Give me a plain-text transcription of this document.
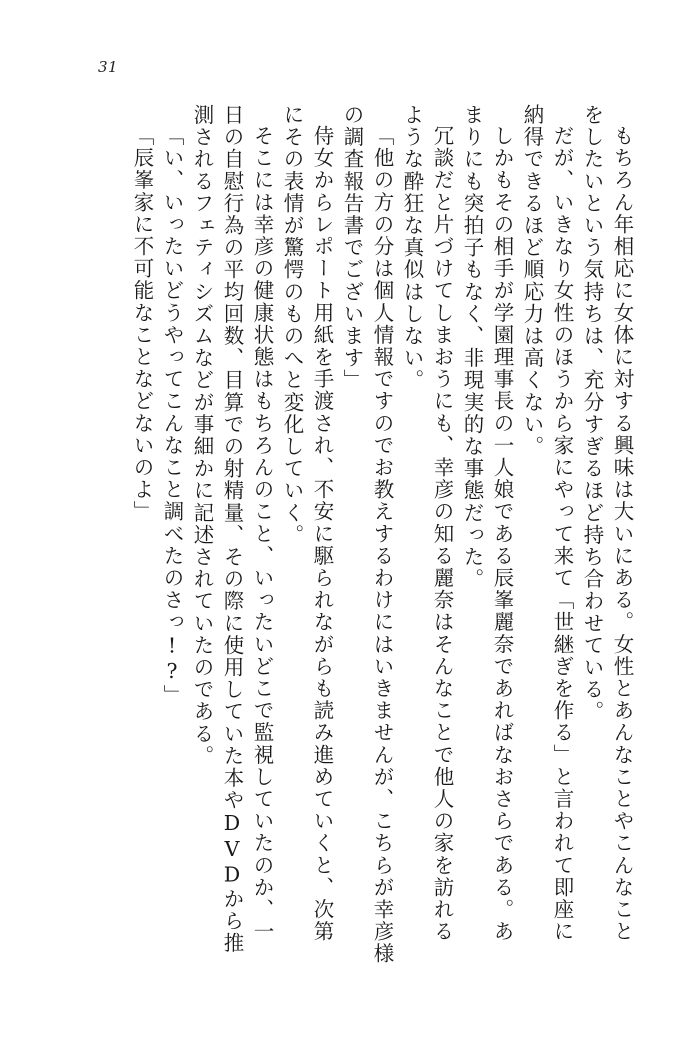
31
もちろん年相応に女体に対する興味は大いにある。女性とあんなことやこんなこと
をしたいという気持ちは、充分すぎるほど持ち合わせている。
だが、いきなり女性のほうから家にやって来て「世継ぎを作る」と言われて即座に
納得できるほど順応力は高くない。
しかもその相手が学園理事長の一人娘である辰峯麗奈であればなおさらである。あ
まりにも突拍子もなく、非現実的な事態だった。
冗談だと片づけてしまおうにも、幸彦の知る麗奈はそんなことで他人の家を訪れる
ような酔狂な真似はしない。
「他の方の分は個人情報ですのでお教えするわけにはいきませんが、こちらが幸彦様
の調査報告書でございます」
侍女からレポート用紙を手渡され、不安に駆られながらも読み進めていくと、次第
にその表情が驚愕のものへと変化していく。
そこには幸彦の健康状態はもちろんのこと、いったいどこで監視していたのか、一
日の自慰行為の平均回数、目算での射精量、その際に使用していた本やDVDから推
測されるフェティシズムなどが事細かに記述されていたのである。
「い、いったいどうやってこんなこと調べたのさっ!?」
「辰峯家に不可能なことなどないのよ」
